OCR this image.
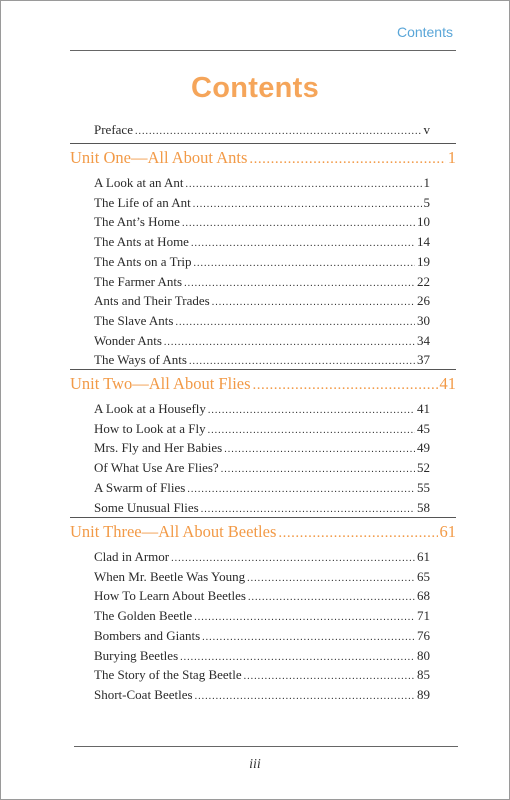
Contents
Contents
Preface .....	v
Unit One—All About Ants .....	1
A Look at an Ant .....	1
The Life of an Ant .....	5
The Ant’s Home .....	10
The Ants at Home .....	14
The Ants on a Trip .....	19
The Farmer Ants .....	22
Ants and Their Trades .....	26
The Slave Ants .....	30
Wonder Ants .....	34
The Ways of Ants .....	37
Unit Two—All About Flies .....	41
A Look at a Housefly .....	41
How to Look at a Fly .....	45
Mrs. Fly and Her Babies .....	49
Of What Use Are Flies? .....	52
A Swarm of Flies .....	55
Some Unusual Flies .....	58
Unit Three—All About Beetles .....	61
Clad in Armor .....	61
When Mr. Beetle Was Young .....	65
How To Learn About Beetles .....	68
The Golden Beetle .....	71
Bombers and Giants .....	76
Burying Beetles .....	80
The Story of the Stag Beetle .....	85
Short-Coat Beetles .....	89
iii
